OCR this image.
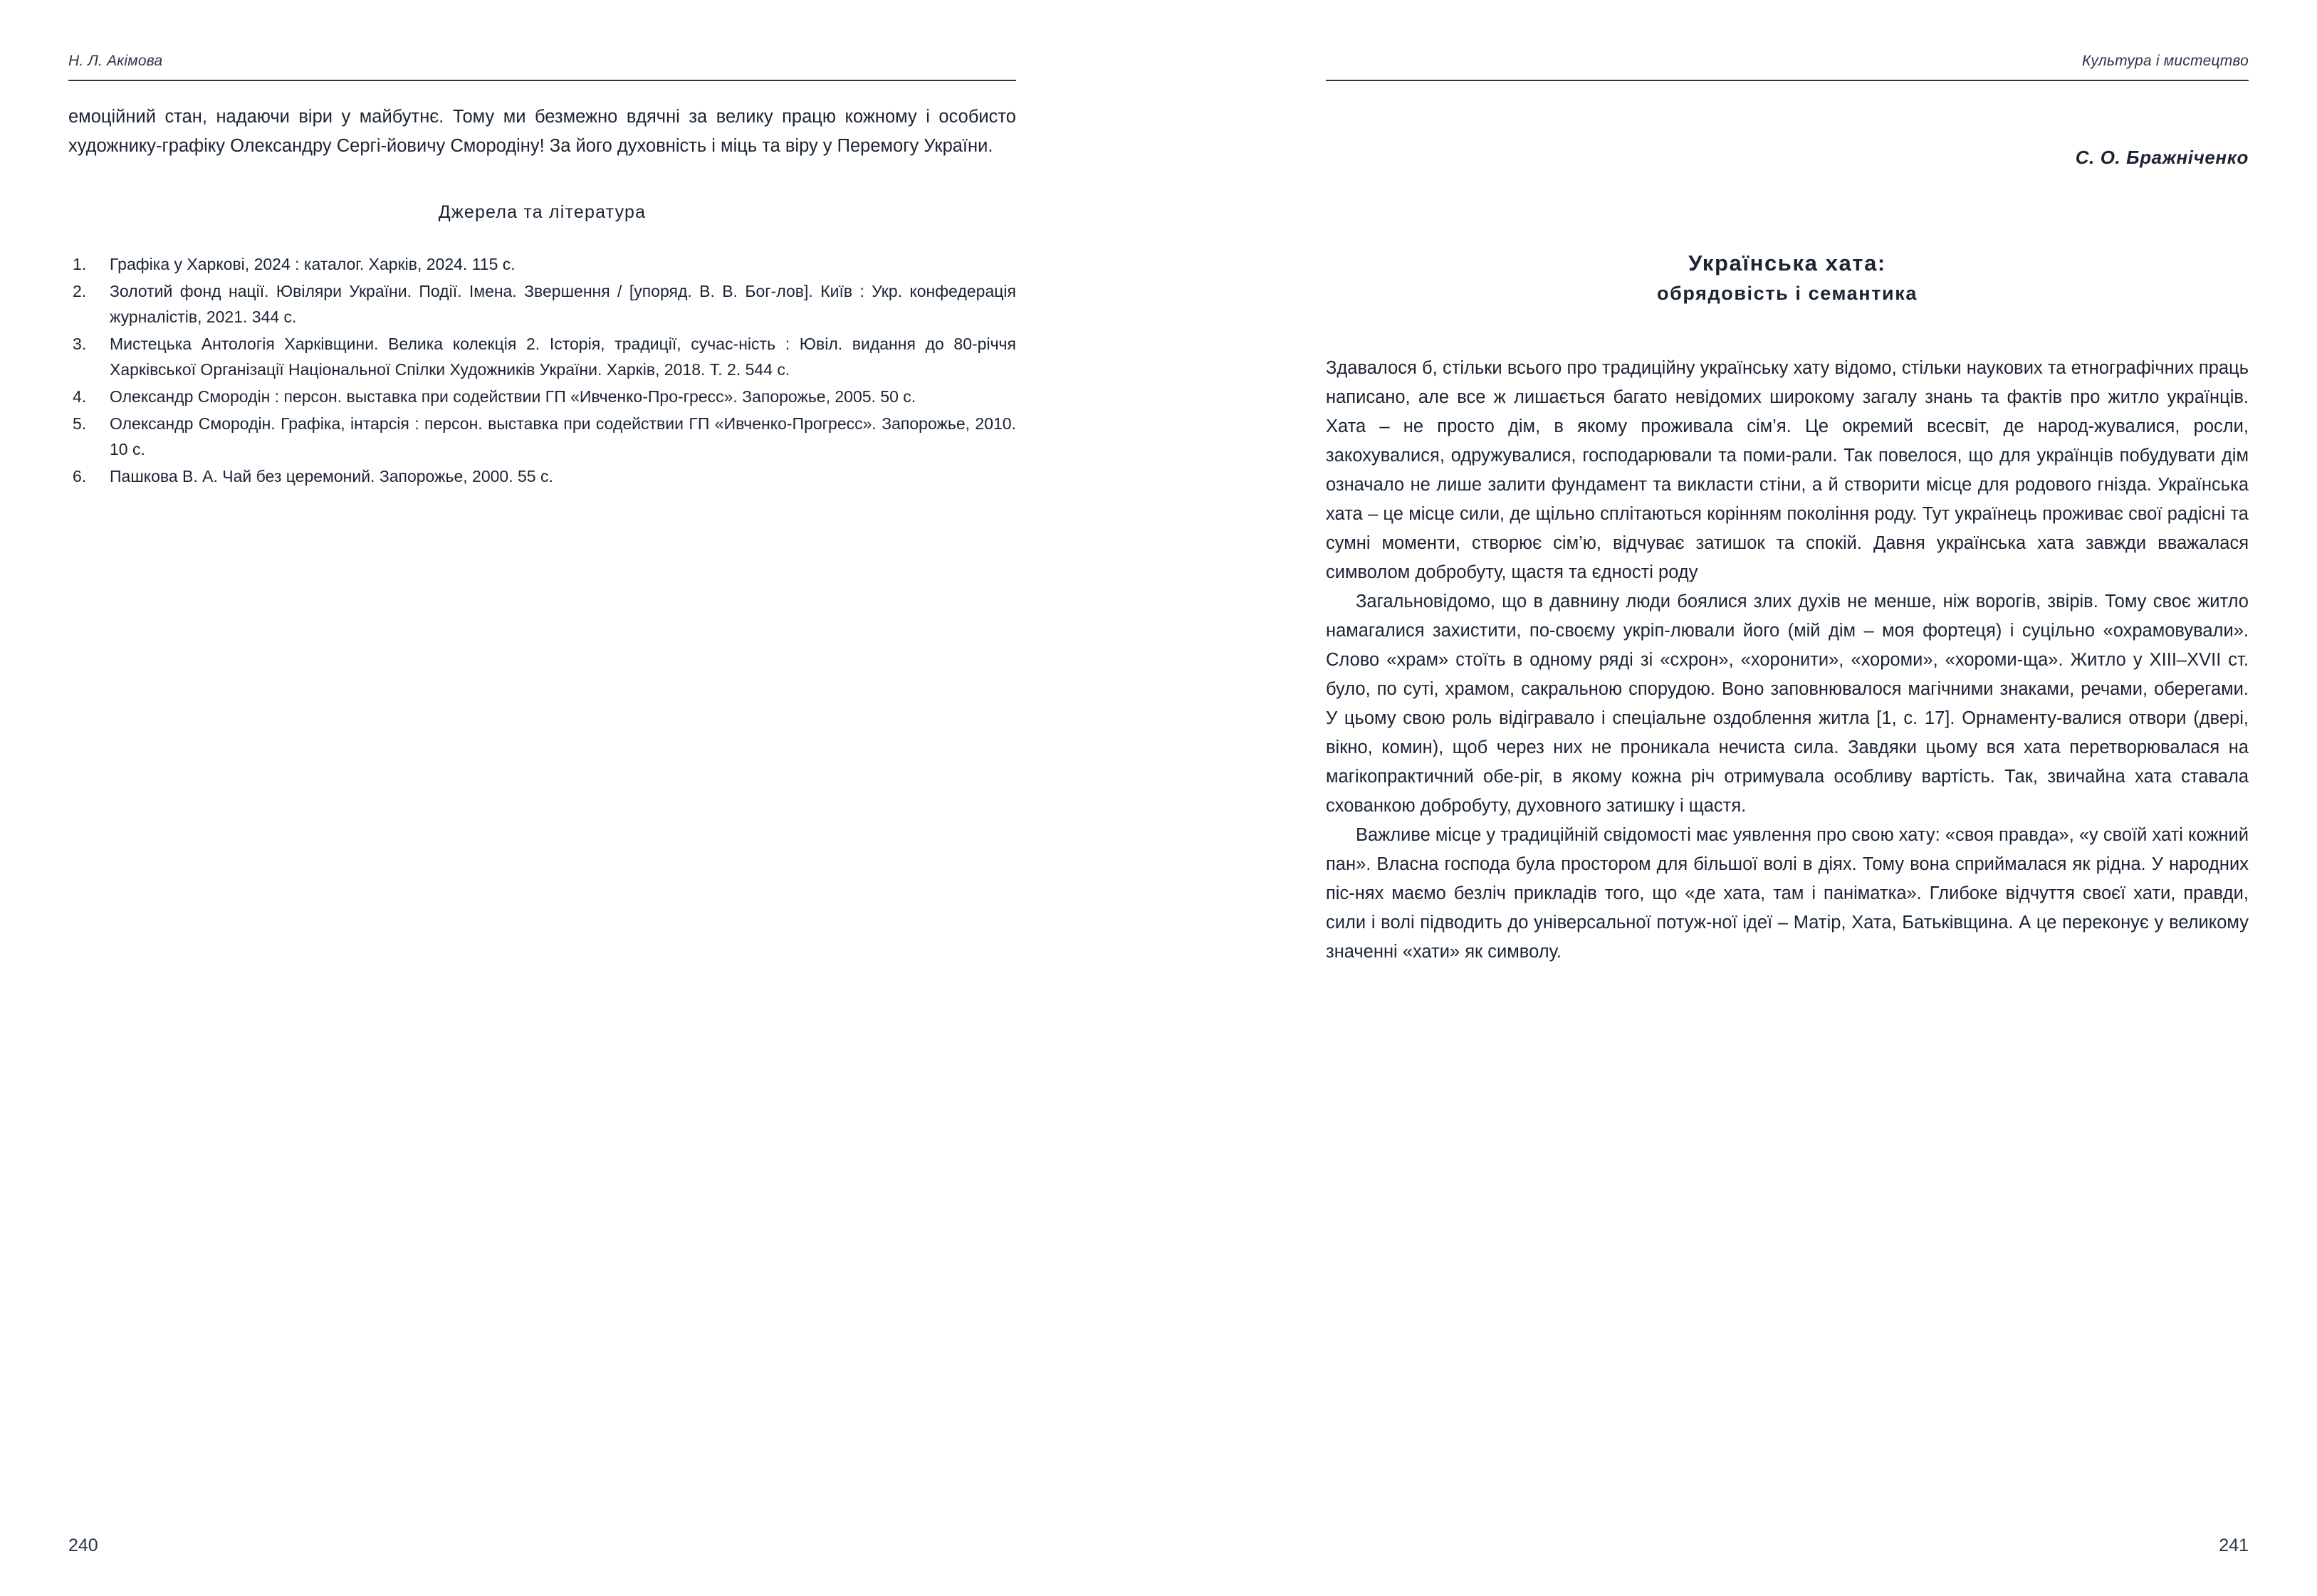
Н. Л. Акімова

емоційний стан, надаючи віри у майбутнє. Тому ми безмежно вдячні за велику працю кожному і особисто художнику-графіку Олександру Сергі-йовичу Смородіну! За його духовність і міць та віру у Перемогу України.

Джерела та література
1.	Графіка у Харкові, 2024 : каталог. Харків, 2024. 115 с.
2.	Золотий фонд нації. Ювіляри України. Події. Імена. Звершення / [упоряд. В. В. Бог-лов]. Київ : Укр. конфедерація журналістів, 2021. 344 с.
3.	Мистецька Антологія Харківщини. Велика колекція 2. Історія, традиції, сучас-ність : Ювіл. видання до 80-річчя Харківської Організації Національної Спілки Художників України. Харків, 2018. Т. 2. 544 с.
4.	Олександр Смородін : персон. выставка при содействии ГП «Ивченко-Про-гресс». Запорожье, 2005. 50 с.
5.	Олександр Смородін. Графіка, інтарсія : персон. выставка при содействии ГП «Ивченко-Прогресс». Запорожье, 2010. 10 с.
6.	Пашкова В. А. Чай без церемоний. Запорожье, 2000. 55 с.
240
Культура і мистецтво
С. О. Бражніченко
Українська хата:
обрядовість і семантика

Здавалося б, стільки всього про традиційну українську хату відомо, стільки наукових та етнографічних праць написано, але все ж лишається багато невідомих широкому загалу знань та фактів про житло українців. Хата – не просто дім, в якому проживала сім’я. Це окремий всесвіт, де народ-жувалися, росли, закохувалися, одружувалися, господарювали та поми-рали. Так повелося, що для українців побудувати дім означало не лише залити фундамент та викласти стіни, а й створити місце для родового гнізда. Українська хата – це місце сили, де щільно сплітаються корінням покоління роду. Тут українець проживає свої радісні та сумні моменти, створює сім’ю, відчуває затишок та спокій. Давня українська хата завжди вважалася символом добробуту, щастя та єдності роду

Загальновідомо, що в давнину люди боялися злих духів не менше, ніж ворогів, звірів. Тому своє житло намагалися захистити, по-своєму укріп-лювали його (мій дім – моя фортеця) і суцільно «охрамовували». Слово «храм» стоїть в одному ряді зі «схрон», «хоронити», «хороми», «хороми-ща». Житло у XIII–XVII ст. було, по суті, храмом, сакральною спорудою. Воно заповнювалося магічними знаками, речами, оберегами. У цьому свою роль відігравало і спеціальне оздоблення житла [1, с. 17]. Орнаменту-валися отвори (двері, вікно, комин), щоб через них не проникала нечиста сила. Завдяки цьому вся хата перетворювалася на магікопрактичний обе-ріг, в якому кожна річ отримувала особливу вартість. Так, звичайна хата ставала схованкою добробуту, духовного затишку і щастя.

Важливе місце у традиційній свідомості має уявлення про свою хату: «своя правда», «у своїй хаті кожний пан». Власна господа була простором для більшої волі в діях. Тому вона сприймалася як рідна. У народних піс-нях маємо безліч прикладів того, що «де хата, там і паніматка». Глибоке відчуття своєї хати, правди, сили і волі підводить до універсальної потуж-ної ідеї – Матір, Хата, Батьківщина. А це переконує у великому значенні «хати» як символу.

241
